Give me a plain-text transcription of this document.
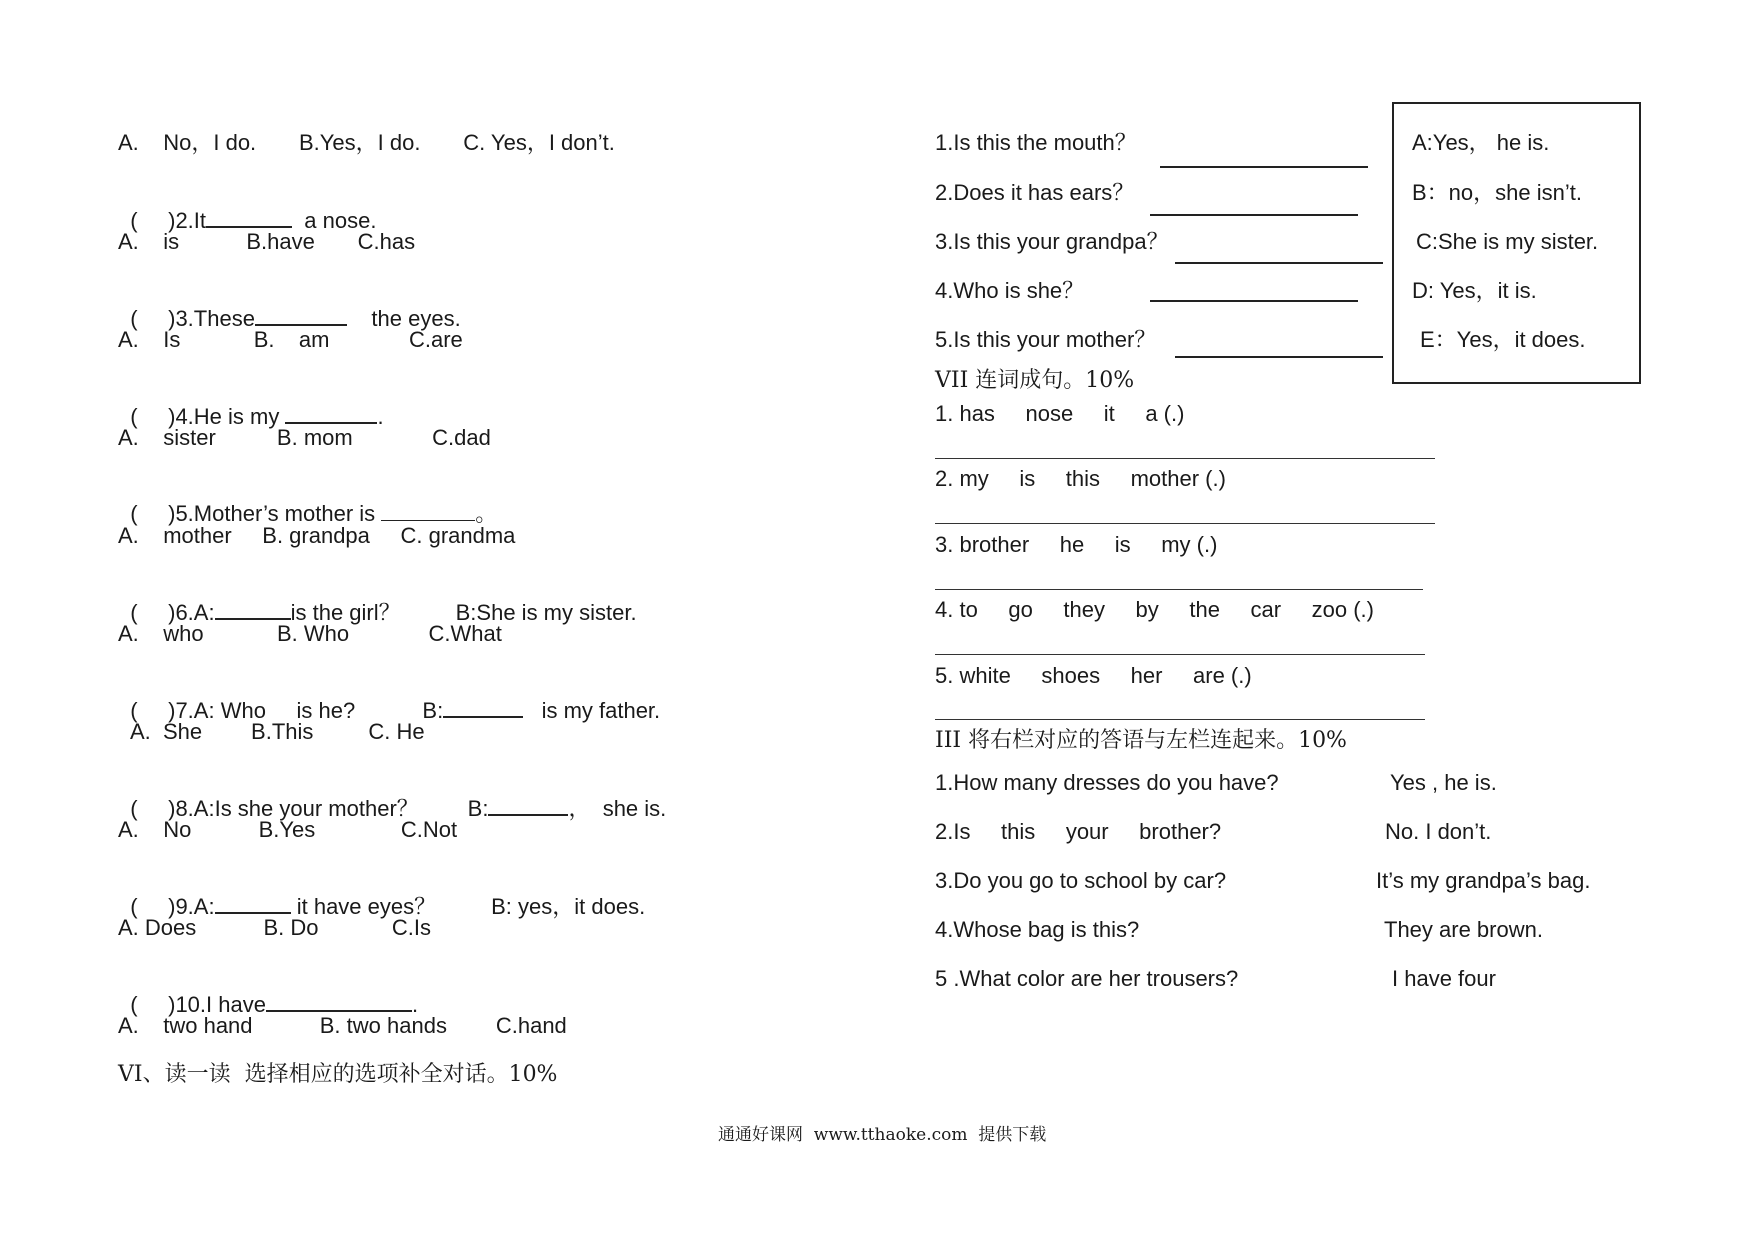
A.    No，I do.       B.Yes，I do.       C. Yes，I don’t.

(     )2.It	a nose.

A.    is           B.have       C.has

(     )3.These	the eyes.

A.    Is            B.    am             C.are

(     )4.He is my	.

A.    sister          B. mom             C.dad

(     )5.Mother’s mother is	。

A.    mother     B. grandpa     C. grandma

(     )6.A:	is the girl？         B:She is my sister.

A.    who            B. Who             C.What

(     )7.A: Who     is he?           B:	is my father.

A.  She        B.This         C. He

(     )8.A:Is she your mother？        B:	，  she is.

A.    No           B.Yes              C.Not

(     )9.A:	it have eyes？         B: yes，it does.

A. Does           B. Do            C.Is

(     )10.I have	.

A.    two hand           B. two hands        C.hand
VI、读一读  选择相应的选项补全对话。10%
1.Is this the mouth？
2.Does it has ears？
3.Is this your grandpa？
4.Who is she？
5.Is this your mother？
A:Yes， he is.
B：no，she isn’t.
C:She is my sister.
D: Yes，it is.
E：Yes，it does.
VII 连词成句。10%
1. has     nose     it     a (.)
2. my     is     this     mother (.)
3. brother     he     is     my (.)
4. to     go     they     by     the     car     zoo (.)
5. white     shoes     her     are (.)
III 将右栏对应的答语与左栏连起来。10%
1.How many dresses do you have?	Yes , he is.
2.Is     this     your     brother?	No. I don’t.
3.Do you go to school by car?	It’s my grandpa’s bag.
4.Whose bag is this?	They are brown.
5 .What color are her trousers?	I have four
通通好课网  www.tthaoke.com  提供下载
